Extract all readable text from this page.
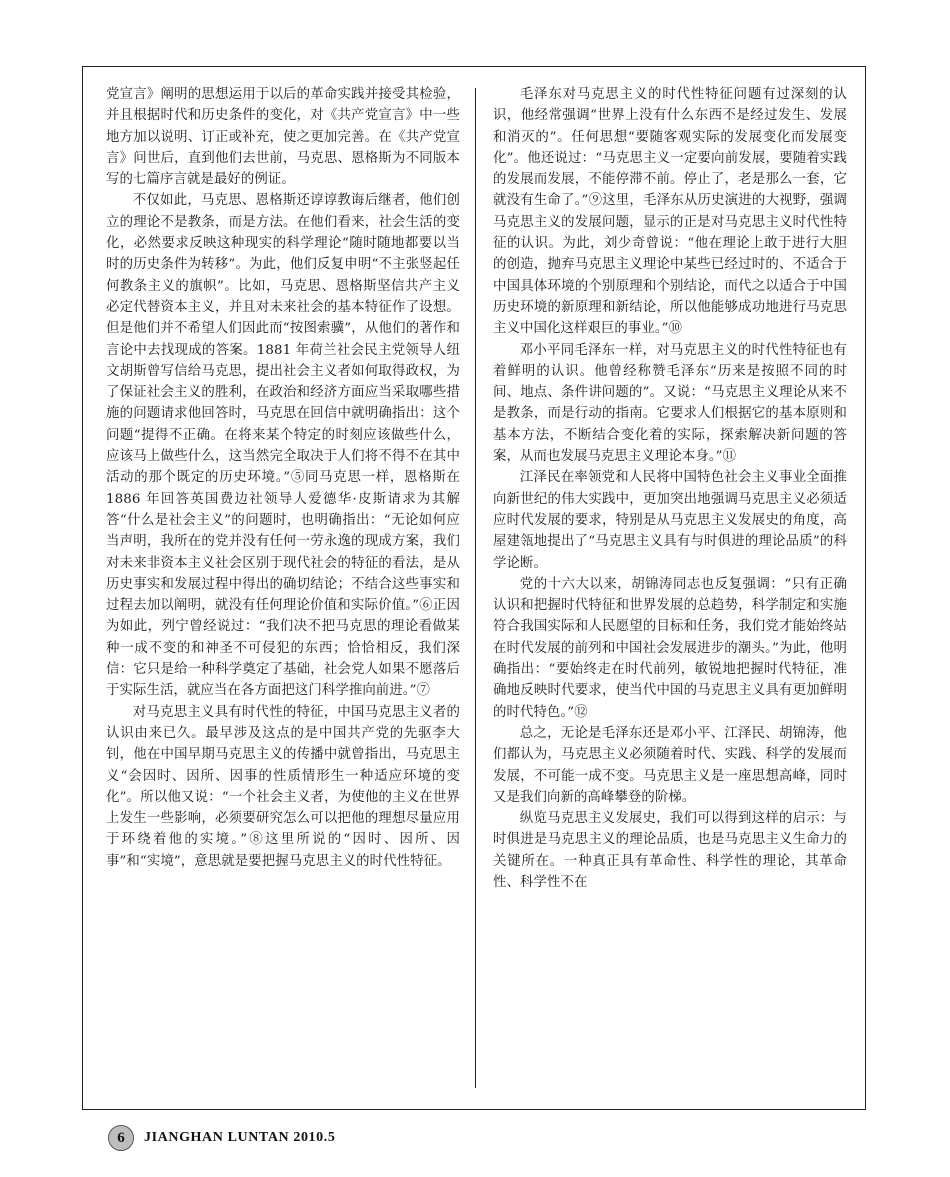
党宣言》阐明的思想运用于以后的革命实践并接受其检验，并且根据时代和历史条件的变化，对《共产党宣言》中一些地方加以说明、订正或补充，使之更加完善。在《共产党宣言》问世后，直到他们去世前，马克思、恩格斯为不同版本写的七篇序言就是最好的例证。

不仅如此，马克思、恩格斯还谆谆教诲后继者，他们创立的理论不是教条，而是方法。在他们看来，社会生活的变化，必然要求反映这种现实的科学理论“随时随地都要以当时的历史条件为转移”。为此，他们反复申明“不主张竖起任何教条主义的旗帜”。比如，马克思、恩格斯坚信共产主义必定代替资本主义，并且对未来社会的基本特征作了设想。但是他们并不希望人们因此而“按图索骥”，从他们的著作和言论中去找现成的答案。1881 年荷兰社会民主党领导人纽文胡斯曾写信给马克思，提出社会主义者如何取得政权，为了保证社会主义的胜利，在政治和经济方面应当采取哪些措施的问题请求他回答时，马克思在回信中就明确指出：这个问题“提得不正确。在将来某个特定的时刻应该做些什么，应该马上做些什么，这当然完全取决于人们将不得不在其中活动的那个既定的历史环境。”⑤同马克思一样，恩格斯在 1886 年回答英国费边社领导人爱德华·皮斯请求为其解答“什么是社会主义”的问题时，也明确指出：“无论如何应当声明，我所在的党并没有任何一劳永逸的现成方案，我们对未来非资本主义社会区别于现代社会的特征的看法，是从历史事实和发展过程中得出的确切结论；不结合这些事实和过程去加以阐明，就没有任何理论价值和实际价值。”⑥正因为如此，列宁曾经说过：“我们决不把马克思的理论看做某种一成不变的和神圣不可侵犯的东西；恰恰相反，我们深信：它只是给一种科学奠定了基础，社会党人如果不愿落后于实际生活，就应当在各方面把这门科学推向前进。”⑦

对马克思主义具有时代性的特征，中国马克思主义者的认识由来已久。最早涉及这点的是中国共产党的先驱李大钊，他在中国早期马克思主义的传播中就曾指出，马克思主义“会因时、因所、因事的性质情形生一种适应环境的变化”。所以他又说：“一个社会主义者，为使他的主义在世界上发生一些影响，必须要研究怎么可以把他的理想尽量应用于环绕着他的实境。”⑧这里所说的“因时、因所、因事”和“实境”，意思就是要把握马克思主义的时代性特征。

毛泽东对马克思主义的时代性特征问题有过深刻的认识，他经常强调“世界上没有什么东西不是经过发生、发展和消灭的”。任何思想“要随客观实际的发展变化而发展变化”。他还说过：“马克思主义一定要向前发展，要随着实践的发展而发展，不能停滞不前。停止了，老是那么一套，它就没有生命了。”⑨这里，毛泽东从历史演进的大视野，强调马克思主义的发展问题，显示的正是对马克思主义时代性特征的认识。为此，刘少奇曾说：“他在理论上敢于进行大胆的创造，抛弃马克思主义理论中某些已经过时的、不适合于中国具体环境的个别原理和个别结论，而代之以适合于中国历史环境的新原理和新结论，所以他能够成功地进行马克思主义中国化这样艰巨的事业。”⑩

邓小平同毛泽东一样，对马克思主义的时代性特征也有着鲜明的认识。他曾经称赞毛泽东“历来是按照不同的时间、地点、条件讲问题的”。又说：“马克思主义理论从来不是教条，而是行动的指南。它要求人们根据它的基本原则和基本方法，不断结合变化着的实际，探索解决新问题的答案，从而也发展马克思主义理论本身。”⑪

江泽民在率领党和人民将中国特色社会主义事业全面推向新世纪的伟大实践中，更加突出地强调马克思主义必须适应时代发展的要求，特别是从马克思主义发展史的角度，高屋建瓴地提出了“马克思主义具有与时俱进的理论品质”的科学论断。

党的十六大以来，胡锦涛同志也反复强调：“只有正确认识和把握时代特征和世界发展的总趋势，科学制定和实施符合我国实际和人民愿望的目标和任务，我们党才能始终站在时代发展的前列和中国社会发展进步的潮头。”为此，他明确指出：“要始终走在时代前列，敏锐地把握时代特征，准确地反映时代要求，使当代中国的马克思主义具有更加鲜明的时代特色。”⑫

总之，无论是毛泽东还是邓小平、江泽民、胡锦涛，他们都认为，马克思主义必须随着时代、实践、科学的发展而发展，不可能一成不变。马克思主义是一座思想高峰，同时又是我们向新的高峰攀登的阶梯。

纵览马克思主义发展史，我们可以得到这样的启示：与时俱进是马克思主义的理论品质，也是马克思主义生命力的关键所在。一种真正具有革命性、科学性的理论，其革命性、科学性不在

6	JIANGHAN LUNTAN 2010.5
